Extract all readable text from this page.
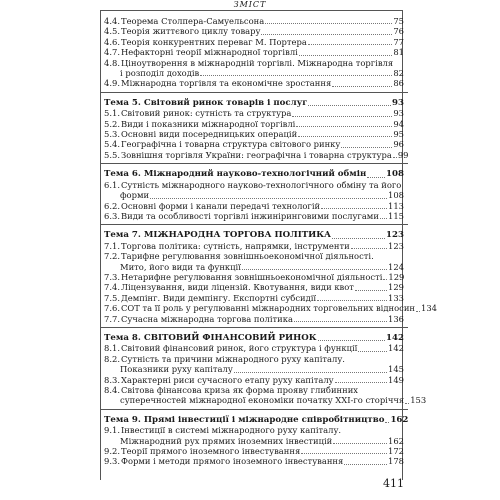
ЗМІСТ
4.4. Теорема Столпера-Самуельсона	75
4.5. Теорія життєвого циклу товару	76
4.6. Теорія конкурентних переваг М. Портера	77
4.7. Нефакторні теорії міжнародної торгівлі	81
4.8. Ціноутворення в міжнародній торгівлі. Міжнародна торгівля
і розподіл доходів	82
4.9. Міжнародна торгівля та економічне зростання	86
Тема 5. Світовий ринок товарів і послуг	93
5.1. Світовий ринок: сутність та структура	93
5.2. Види і показники міжнародної торгівлі	94
5.3. Основні види посередницьких операцій	95
5.4. Географічна і товарна структура світового ринку	96
5.5. Зовнішня торгівля України: географічна і товарна структура 99
Тема 6. Міжнародний науково-технологічний обмін 108
6.1. Сутність міжнародного науково-технологічного обміну та його
форми	108
6.2. Основні форми і канали передачі технологій	113
6.3. Види та особливості торгівлі інжиніринговими послугами 115
Тема 7. МІЖНАРОДНА ТОРГОВА ПОЛІТИКА	123
7.1. Торгова політика: сутність, напрямки, інструменти	123
7.2. Тарифне регулювання зовнішньоекономічної діяльності.
Мито, його види та функції	124
7.3. Нетарифне регулювання зовнішньоекономічної діяльності 129
7.4. Ліцензування, види ліцензій. Квотування, види квот	129
7.5. Демпінг. Види демпінгу. Експортні субсидії	133
7.6. СОТ та її роль у регулюванні міжнародних торговельних відносин 134
7.7. Сучасна міжнародна торгова політика	136
Тема 8. СВІТОВИЙ ФІНАНСОВИЙ РИНОК	142
8.1. Світовий фінансовий ринок, його структура і функції	142
8.2. Сутність та причини міжнародного руху капіталу.
Показники руху капіталу	145
8.3. Характерні риси сучасного етапу руху капіталу	149
8.4. Світова фінансова криза як форма прояву глибинних
суперечностей міжнародної економіки початку XXI-го сторіччя 153
Тема 9. Прямі інвестиції і міжнародне співробітництво 162
9.1. Інвестиції в системі міжнародного руху капіталу.
Міжнародний рух прямих іноземних інвестицій	162
9.2. Теорії прямого іноземного інвестування	172
9.3. Форми і методи прямого іноземного інвестування	178
411
